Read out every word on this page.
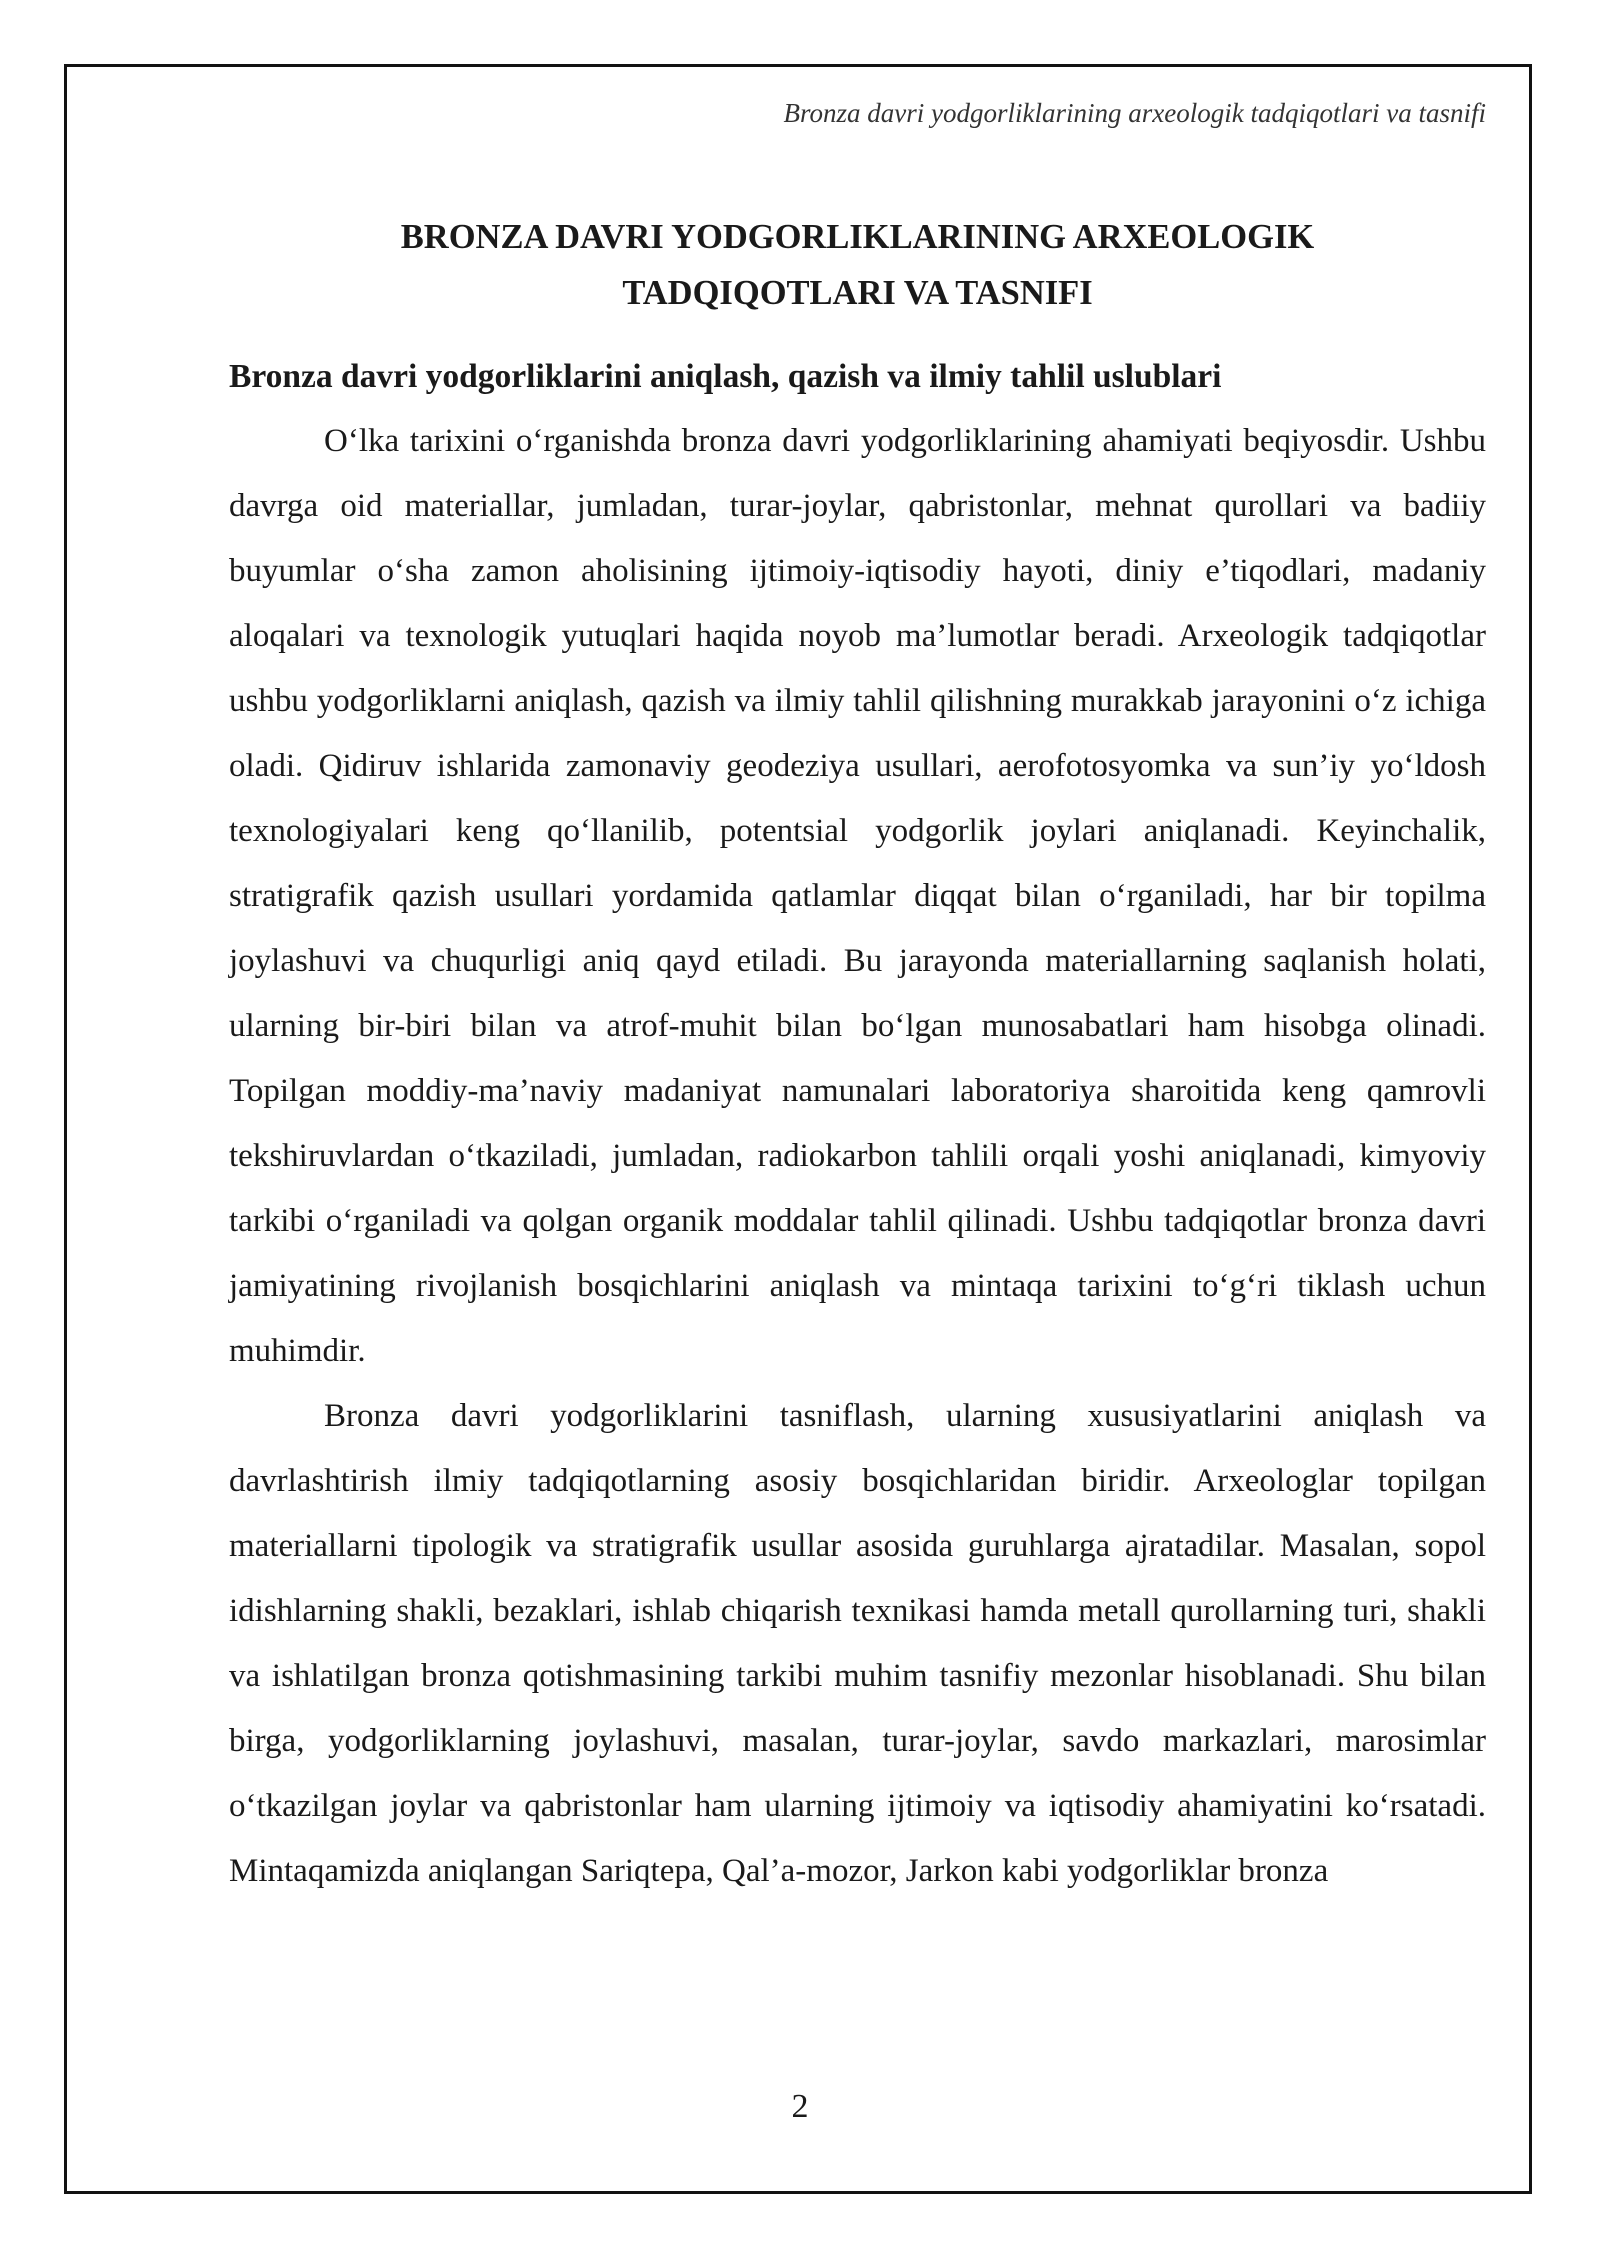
Bronza davri yodgorliklarining arxeologik tadqiqotlari va tasnifi
BRONZA DAVRI YODGORLIKLARINING ARXEOLOGIK
TADQIQOTLARI VA TASNIFI
Bronza davri yodgorliklarini aniqlash, qazish va ilmiy tahlil uslublari

O‘lka tarixini o‘rganishda bronza davri yodgorliklarining ahamiyati beqiyosdir. Ushbu davrga oid materiallar, jumladan, turar-joylar, qabristonlar, mehnat qurollari va badiiy buyumlar o‘sha zamon aholisining ijtimoiy-iqtisodiy hayoti, diniy e’tiqodlari, madaniy aloqalari va texnologik yutuqlari haqida noyob ma’lumotlar beradi. Arxeologik tadqiqotlar ushbu yodgorliklarni aniqlash, qazish va ilmiy tahlil qilishning murakkab jarayonini o‘z ichiga oladi. Qidiruv ishlarida zamonaviy geodeziya usullari, aerofotosyomka va sun’iy yo‘ldosh texnologiyalari keng qo‘llanilib, potentsial yodgorlik joylari aniqlanadi. Keyinchalik, stratigrafik qazish usullari yordamida qatlamlar diqqat bilan o‘rganiladi, har bir topilma joylashuvi va chuqurligi aniq qayd etiladi. Bu jarayonda materiallarning saqlanish holati, ularning bir-biri bilan va atrof-muhit bilan bo‘lgan munosabatlari ham hisobga olinadi. Topilgan moddiy-ma’naviy madaniyat namunalari laboratoriya sharoitida keng qamrovli tekshiruvlardan o‘tkaziladi, jumladan, radiokarbon tahlili orqali yoshi aniqlanadi, kimyoviy tarkibi o‘rganiladi va qolgan organik moddalar tahlil qilinadi. Ushbu tadqiqotlar bronza davri jamiyatining rivojlanish bosqichlarini aniqlash va mintaqa tarixini to‘g‘ri tiklash uchun muhimdir.

Bronza davri yodgorliklarini tasniflash, ularning xususiyatlarini aniqlash va davrlashtirish ilmiy tadqiqotlarning asosiy bosqichlaridan biridir. Arxeologlar topilgan materiallarni tipologik va stratigrafik usullar asosida guruhlarga ajratadilar. Masalan, sopol idishlarning shakli, bezaklari, ishlab chiqarish texnikasi hamda metall qurollarning turi, shakli va ishlatilgan bronza qotishmasining tarkibi muhim tasnifiy mezonlar hisoblanadi. Shu bilan birga, yodgorliklarning joylashuvi, masalan, turar-joylar, savdo markazlari, marosimlar o‘tkazilgan joylar va qabristonlar ham ularning ijtimoiy va iqtisodiy ahamiyatini ko‘rsatadi. Mintaqamizda aniqlangan Sariqtepa, Qal’a-mozor, Jarkon kabi yodgorliklar bronza

2
